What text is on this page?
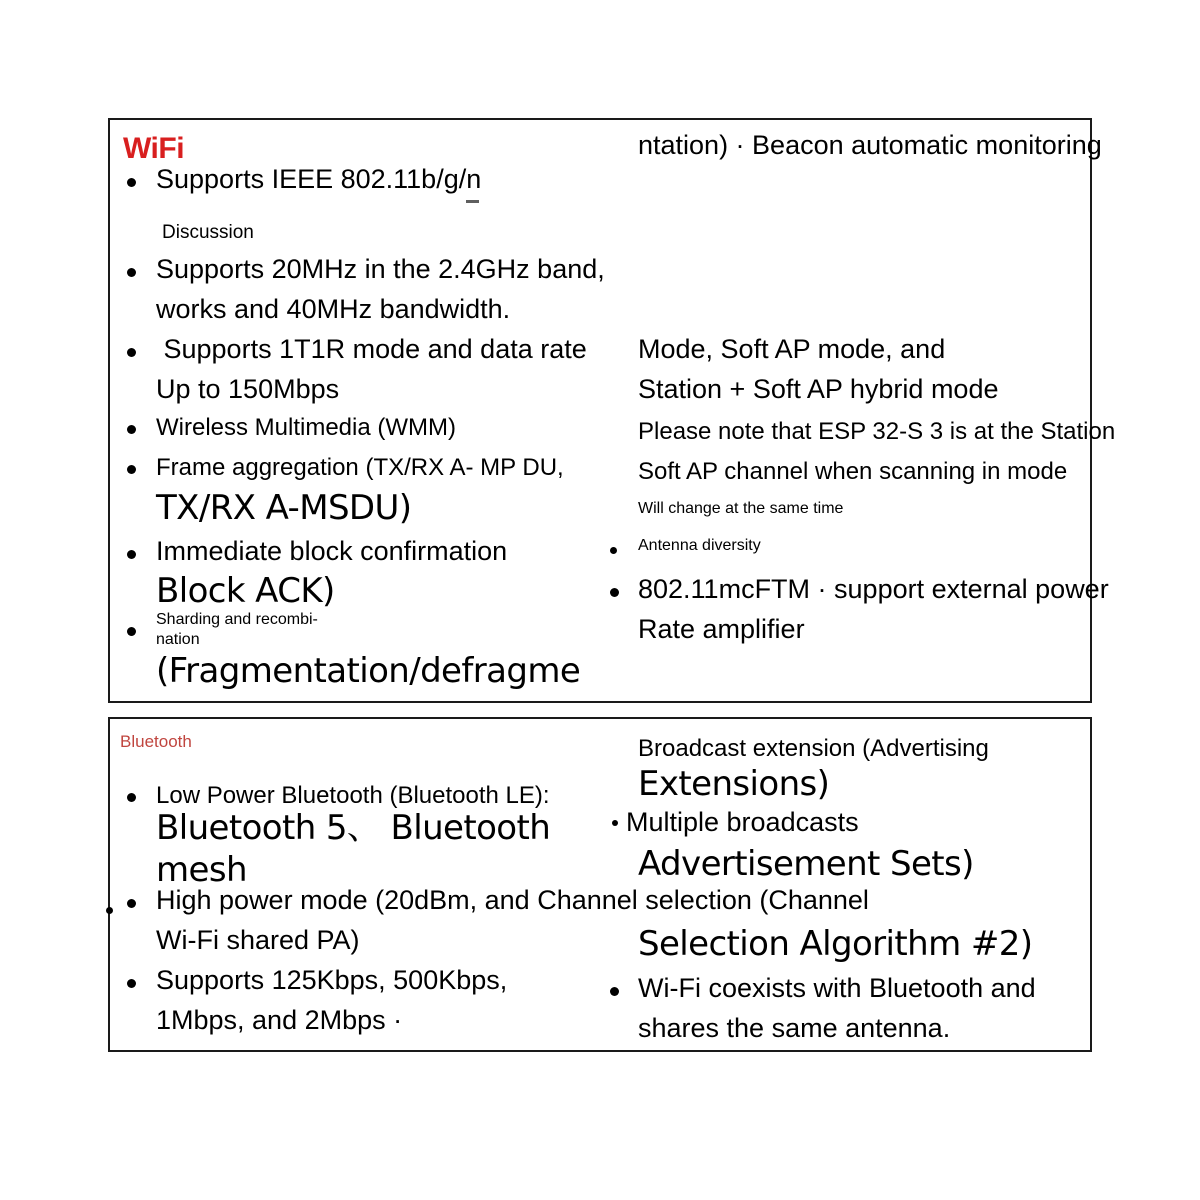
WiFi
Supports IEEE 802.11b/g/n
Discussion
Supports 20MHz in the 2.4GHz band,
works and 40MHz bandwidth.
Supports 1T1R mode and data rate
Up to 150Mbps
Wireless Multimedia (WMM)
Frame aggregation (TX/RX A- MP DU,
TX/RX A-MSDU)
Immediate block confirmation
Block ACK)
Sharding and recombi-
nation
(Fragmentation/defragme
ntation) · Beacon automatic monitoring
Mode, Soft AP mode, and
Station + Soft AP hybrid mode
Please note that ESP 32-S 3 is at the Station
Soft AP channel when scanning in mode
Will change at the same time
Antenna diversity
802.11mcFTM · support external power
Rate amplifier
Bluetooth
Low Power Bluetooth (Bluetooth LE):
Bluetooth 5、 Bluetooth
mesh
High power mode (20dBm, and Channel selection (Channel
Wi-Fi shared PA)
Supports 125Kbps, 500Kbps,
1Mbps, and 2Mbps ·
Broadcast extension (Advertising
Extensions)
Multiple broadcasts
Advertisement Sets)
Selection Algorithm #2)
Wi-Fi coexists with Bluetooth and
shares the same antenna.
